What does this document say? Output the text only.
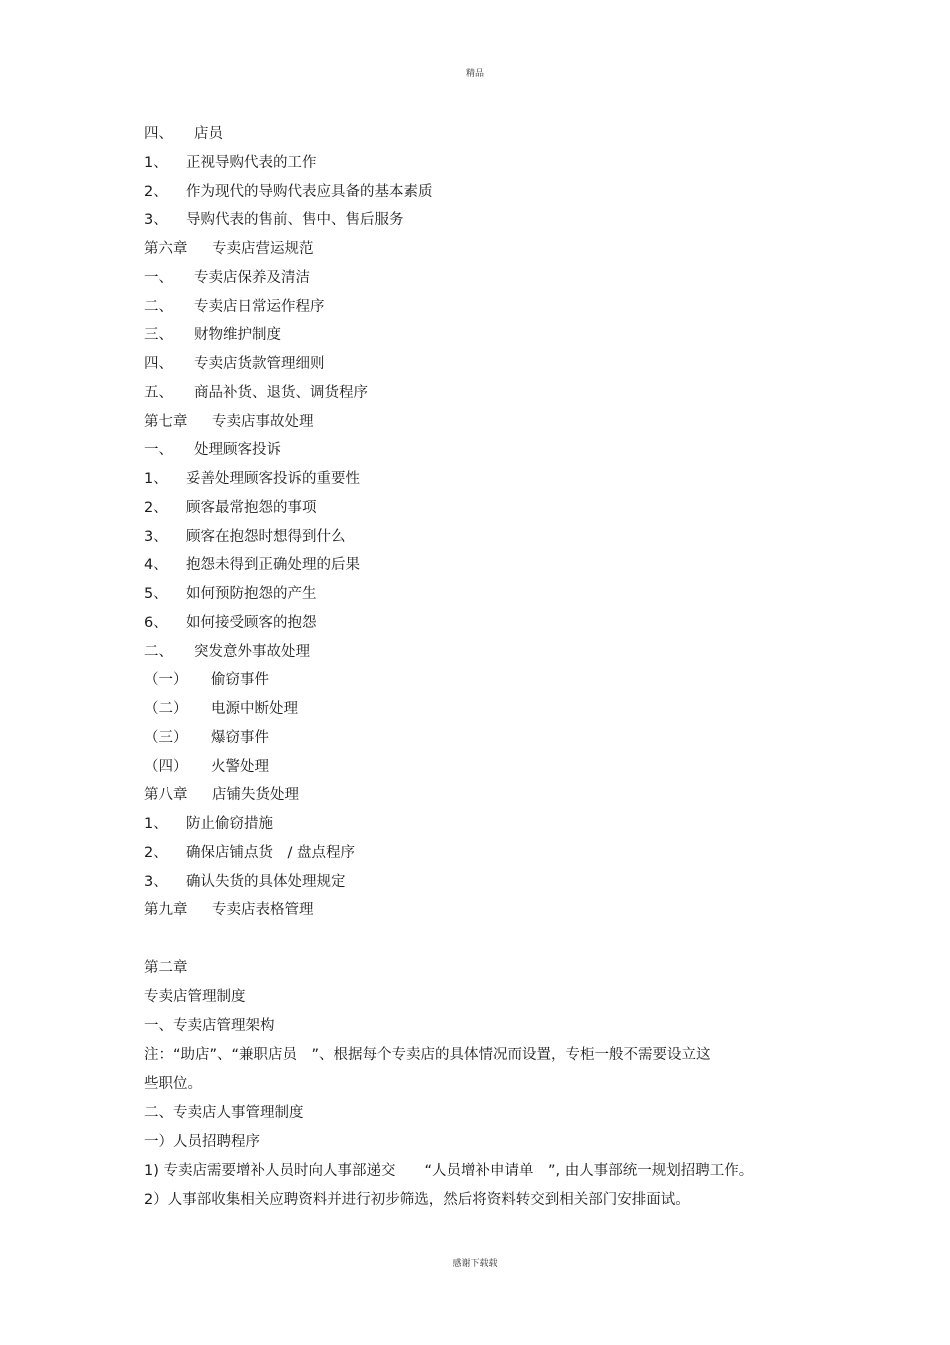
精品
四、 店员
1、 正视导购代表的工作
2、 作为现代的导购代表应具备的基本素质
3、 导购代表的售前、售中、售后服务
第六章 专卖店营运规范
一、 专卖店保养及清洁
二、 专卖店日常运作程序
三、 财物维护制度
四、 专卖店货款管理细则
五、 商品补货、退货、调货程序
第七章 专卖店事故处理
一、 处理顾客投诉
1、 妥善处理顾客投诉的重要性
2、 顾客最常抱怨的事项
3、 顾客在抱怨时想得到什么
4、 抱怨未得到正确处理的后果
5、 如何预防抱怨的产生
6、 如何接受顾客的抱怨
二、 突发意外事故处理
（一） 偷窃事件
（二） 电源中断处理
（三） 爆窃事件
（四） 火警处理
第八章 店铺失货处理
1、 防止偷窃措施
2、 确保店铺点货　/ 盘点程序
3、 确认失货的具体处理规定
第九章 专卖店表格管理
第二章
专卖店管理制度
一、专卖店管理架构
注：“助店”、“兼职店员　”、根据每个专卖店的具体情况而设置，专柜一般不需要设立这
些职位。
二、专卖店人事管理制度
一）人员招聘程序
1) 专卖店需要增补人员时向人事部递交　　“人员增补申请单　”, 由人事部统一规划招聘工作。
2）人事部收集相关应聘资料并进行初步筛选，然后将资料转交到相关部门安排面试。
感谢下载载
